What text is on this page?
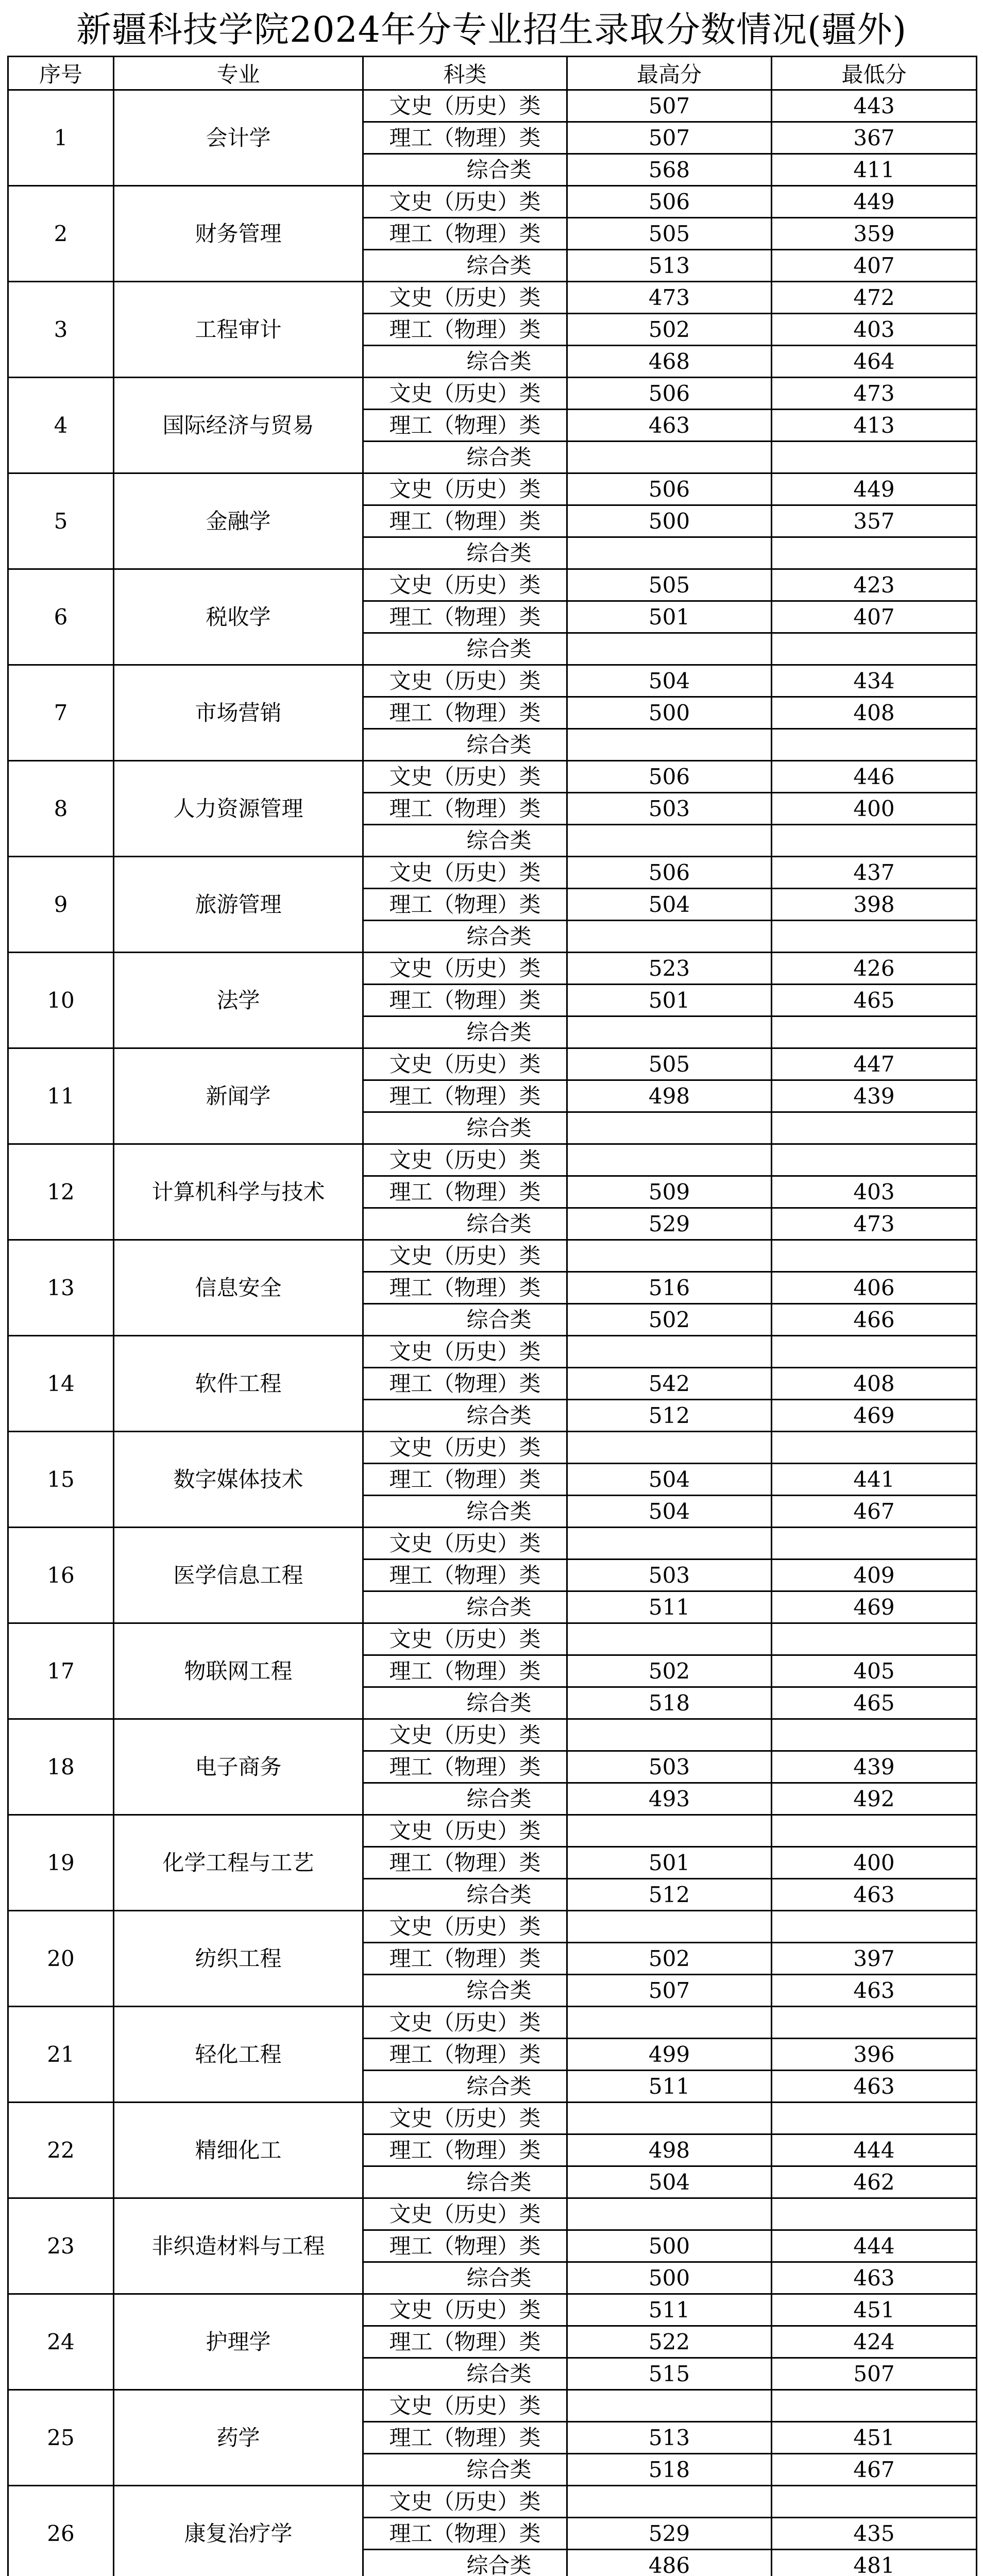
新疆科技学院2024年分专业招生录取分数情况(疆外)
序号	专业	科类	最高分	最低分
1	会计学	文史（历史）类	507	443
		理工（物理）类	507	367
		综合类	568	411
2	财务管理	文史（历史）类	506	449
		理工（物理）类	505	359
		综合类	513	407
3	工程审计	文史（历史）类	473	472
		理工（物理）类	502	403
		综合类	468	464
4	国际经济与贸易	文史（历史）类	506	473
		理工（物理）类	463	413
		综合类		
5	金融学	文史（历史）类	506	449
		理工（物理）类	500	357
		综合类		
6	税收学	文史（历史）类	505	423
		理工（物理）类	501	407
		综合类		
7	市场营销	文史（历史）类	504	434
		理工（物理）类	500	408
		综合类		
8	人力资源管理	文史（历史）类	506	446
		理工（物理）类	503	400
		综合类		
9	旅游管理	文史（历史）类	506	437
		理工（物理）类	504	398
		综合类		
10	法学	文史（历史）类	523	426
		理工（物理）类	501	465
		综合类		
11	新闻学	文史（历史）类	505	447
		理工（物理）类	498	439
		综合类		
12	计算机科学与技术	文史（历史）类		
		理工（物理）类	509	403
		综合类	529	473
13	信息安全	文史（历史）类		
		理工（物理）类	516	406
		综合类	502	466
14	软件工程	文史（历史）类		
		理工（物理）类	542	408
		综合类	512	469
15	数字媒体技术	文史（历史）类		
		理工（物理）类	504	441
		综合类	504	467
16	医学信息工程	文史（历史）类		
		理工（物理）类	503	409
		综合类	511	469
17	物联网工程	文史（历史）类		
		理工（物理）类	502	405
		综合类	518	465
18	电子商务	文史（历史）类		
		理工（物理）类	503	439
		综合类	493	492
19	化学工程与工艺	文史（历史）类		
		理工（物理）类	501	400
		综合类	512	463
20	纺织工程	文史（历史）类		
		理工（物理）类	502	397
		综合类	507	463
21	轻化工程	文史（历史）类		
		理工（物理）类	499	396
		综合类	511	463
22	精细化工	文史（历史）类		
		理工（物理）类	498	444
		综合类	504	462
23	非织造材料与工程	文史（历史）类		
		理工（物理）类	500	444
		综合类	500	463
24	护理学	文史（历史）类	511	451
		理工（物理）类	522	424
		综合类	515	507
25	药学	文史（历史）类		
		理工（物理）类	513	451
		综合类	518	467
26	康复治疗学	文史（历史）类		
		理工（物理）类	529	435
		综合类	486	481
